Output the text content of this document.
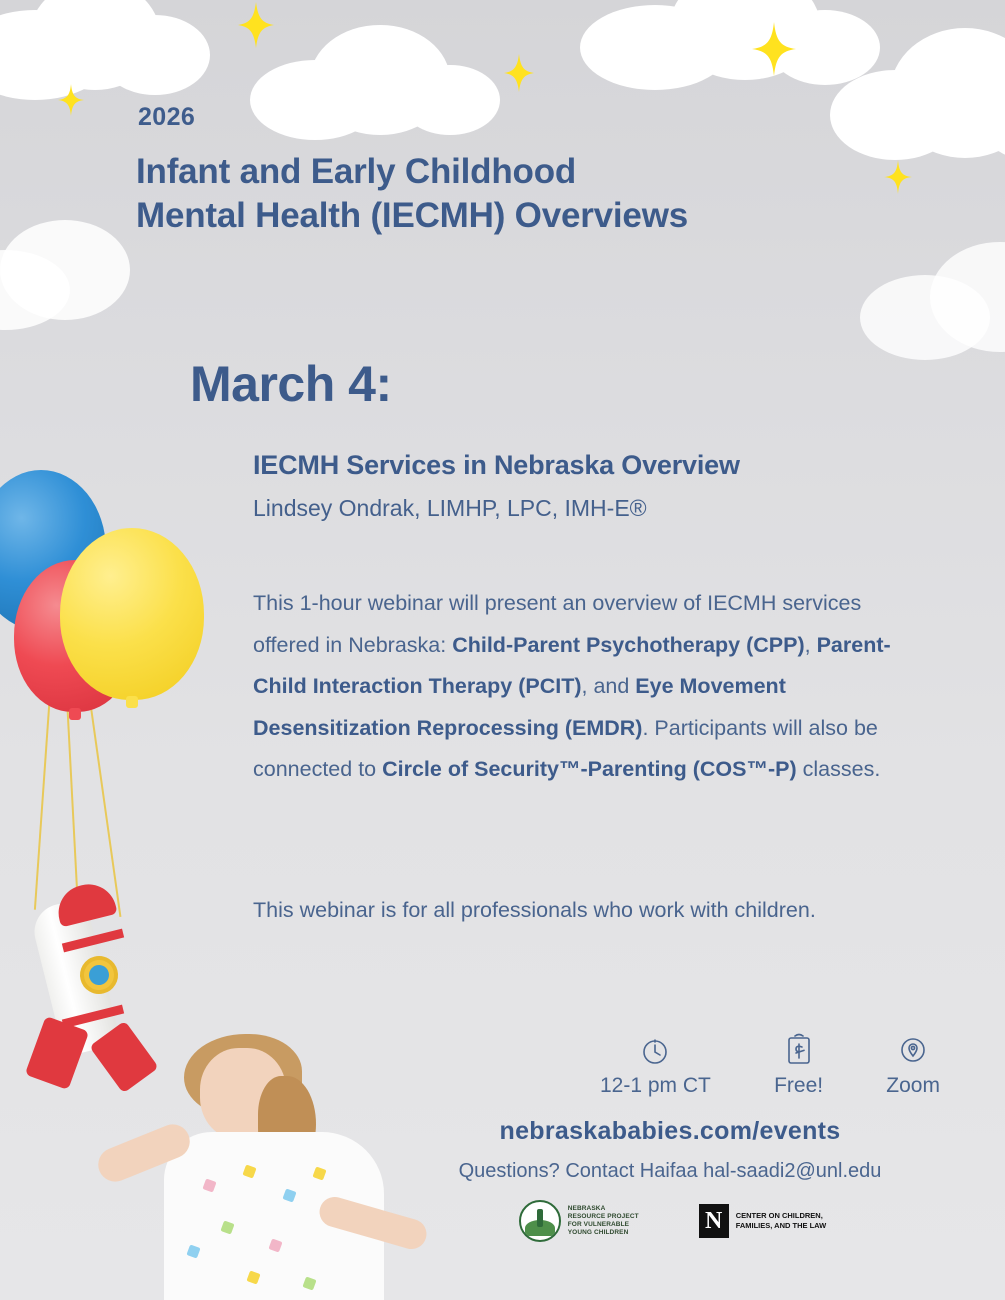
2026
Infant and Early Childhood
Mental Health (IECMH) Overviews
March 4:
IECMH Services in Nebraska Overview
Lindsey Ondrak, LIMHP, LPC, IMH-E®
This 1-hour webinar will present an overview of IECMH services offered in Nebraska: Child-Parent Psychotherapy (CPP), Parent-Child Interaction Therapy (PCIT), and Eye Movement Desensitization Reprocessing (EMDR). Participants will also be connected to Circle of Security™-Parenting (COS™-P) classes.
This webinar is for all professionals who work with children.
12-1 pm CT	Free!	Zoom
nebraskababies.com/events
Questions? Contact Haifaa hal-saadi2@unl.edu
NEBRASKA
RESOURCE PROJECT
FOR VULNERABLE
YOUNG CHILDREN	N	CENTER ON CHILDREN,
FAMILIES, AND THE LAW
